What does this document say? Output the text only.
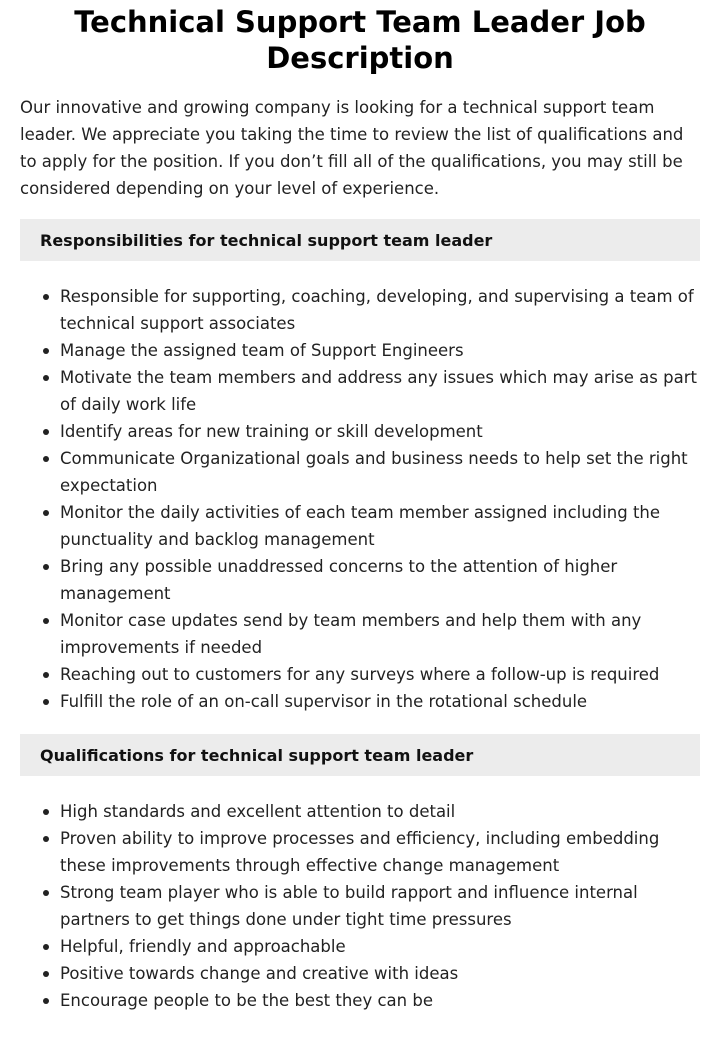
Technical Support Team Leader Job Description

Our innovative and growing company is looking for a technical support team leader. We appreciate you taking the time to review the list of qualifications and to apply for the position. If you don’t fill all of the qualifications, you may still be considered depending on your level of experience.

Responsibilities for technical support team leader
Responsible for supporting, coaching, developing, and supervising a team of technical support associates
Manage the assigned team of Support Engineers
Motivate the team members and address any issues which may arise as part of daily work life
Identify areas for new training or skill development
Communicate Organizational goals and business needs to help set the right expectation
Monitor the daily activities of each team member assigned including the punctuality and backlog management
Bring any possible unaddressed concerns to the attention of higher management
Monitor case updates send by team members and help them with any improvements if needed
Reaching out to customers for any surveys where a follow-up is required
Fulfill the role of an on-call supervisor in the rotational schedule
Qualifications for technical support team leader
High standards and excellent attention to detail
Proven ability to improve processes and efficiency, including embedding these improvements through effective change management
Strong team player who is able to build rapport and influence internal partners to get things done under tight time pressures
Helpful, friendly and approachable
Positive towards change and creative with ideas
Encourage people to be the best they can be
